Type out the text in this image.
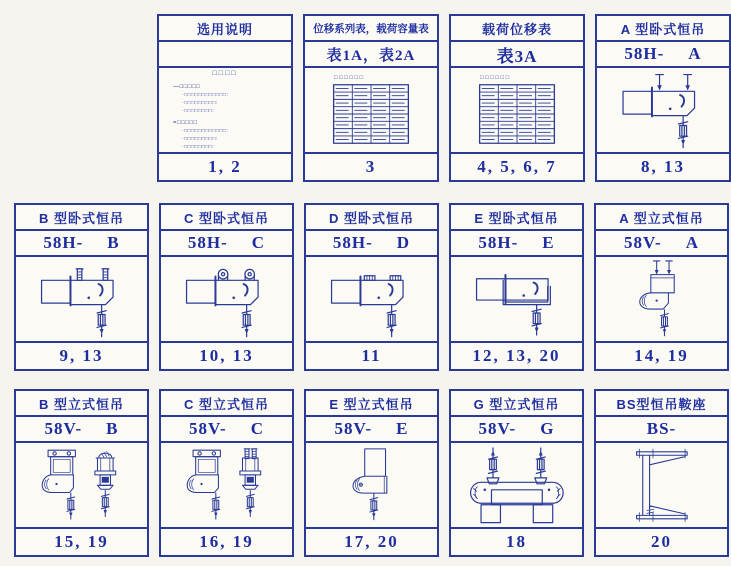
选用说明
□□□□
—□□□□□
·□□□□□□□□□□□□:
·□□□□□□□□□:
·□□□□□□□□:
=□□□□□
·□□□□□□□□□□□□:
·□□□□□□□□□:
·□□□□□□□□:
1, 2
位移系列表，载荷容量表
表1A，表2A
□□□□□□
3
载荷位移表
表3A
□□□□□□
4, 5, 6, 7
A 型卧式恒吊
58H- A
8, 13
B 型卧式恒吊
58H- B
9, 13
C 型卧式恒吊
58H- C
10, 13
D 型卧式恒吊
58H- D
11
E 型卧式恒吊
58H- E
12, 13, 20
A 型立式恒吊
58V- A
14, 19
B 型立式恒吊
58V- B
15, 19
C 型立式恒吊
58V- C
16, 19
E 型立式恒吊
58V- E
17, 20
G 型立式恒吊
58V- G
18
BS型恒吊鞍座
BS-
20
